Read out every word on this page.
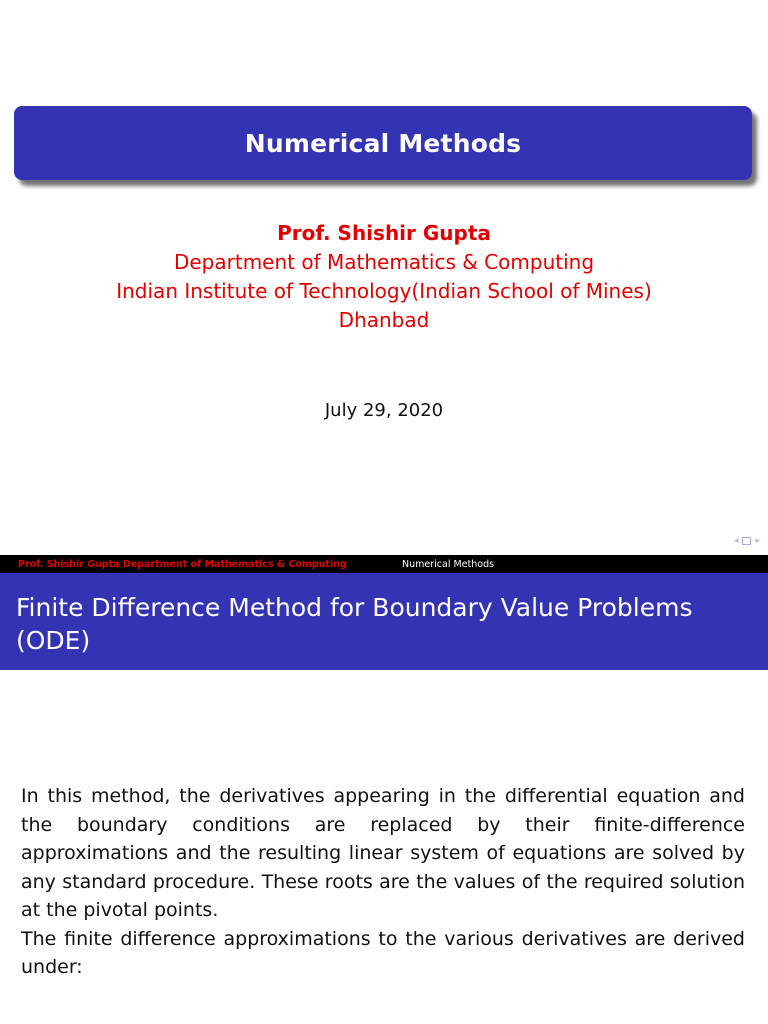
Numerical Methods
Prof. Shishir Gupta
Department of Mathematics & Computing
Indian Institute of Technology(Indian School of Mines)
Dhanbad
July 29, 2020
◂ ▸
Prof. Shishir Gupta Department of Mathematics & Computing	Numerical Methods
Finite Difference Method for Boundary Value Problems
(ODE)

In this method, the derivatives appearing in the differential equation and the boundary conditions are replaced by their finite-difference approximations and the resulting linear system of equations are solved by any standard procedure. These roots are the values of the required solution at the pivotal points.

The finite difference approximations to the various derivatives are derived under:
